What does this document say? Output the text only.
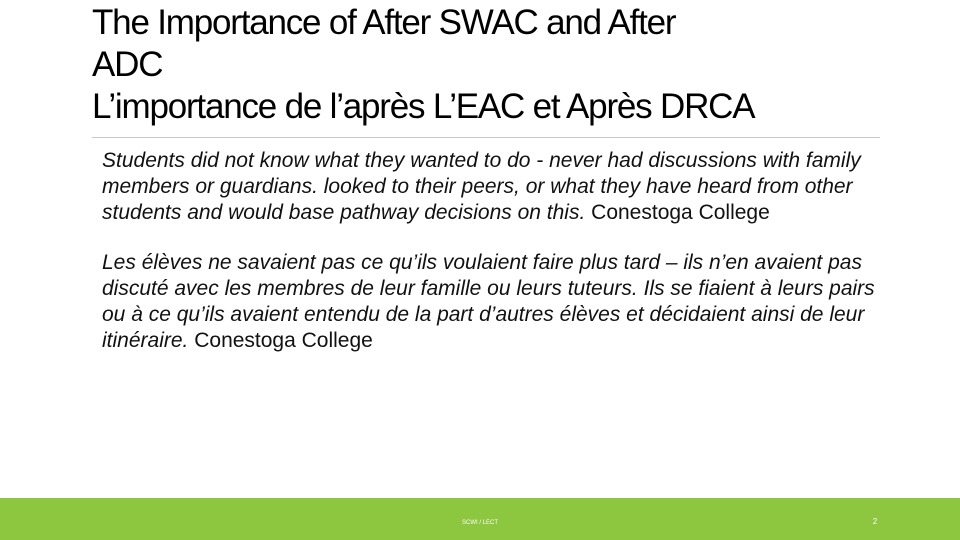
The Importance of After SWAC and After
ADC
L’importance de l’après L’EAC et Après DRCA

Students did not know what they wanted to do - never had discussions with family members or guardians. looked to their peers, or what they have heard from other students and would base pathway decisions on this. Conestoga College

Les élèves ne savaient pas ce qu’ils voulaient faire plus tard – ils n’en avaient pas discuté avec les membres de leur famille ou leurs tuteurs. Ils se fiaient à leurs pairs ou à ce qu’ils avaient entendu de la part d’autres élèves et décidaient ainsi de leur itinéraire. Conestoga College

SCWI / LECT	2
